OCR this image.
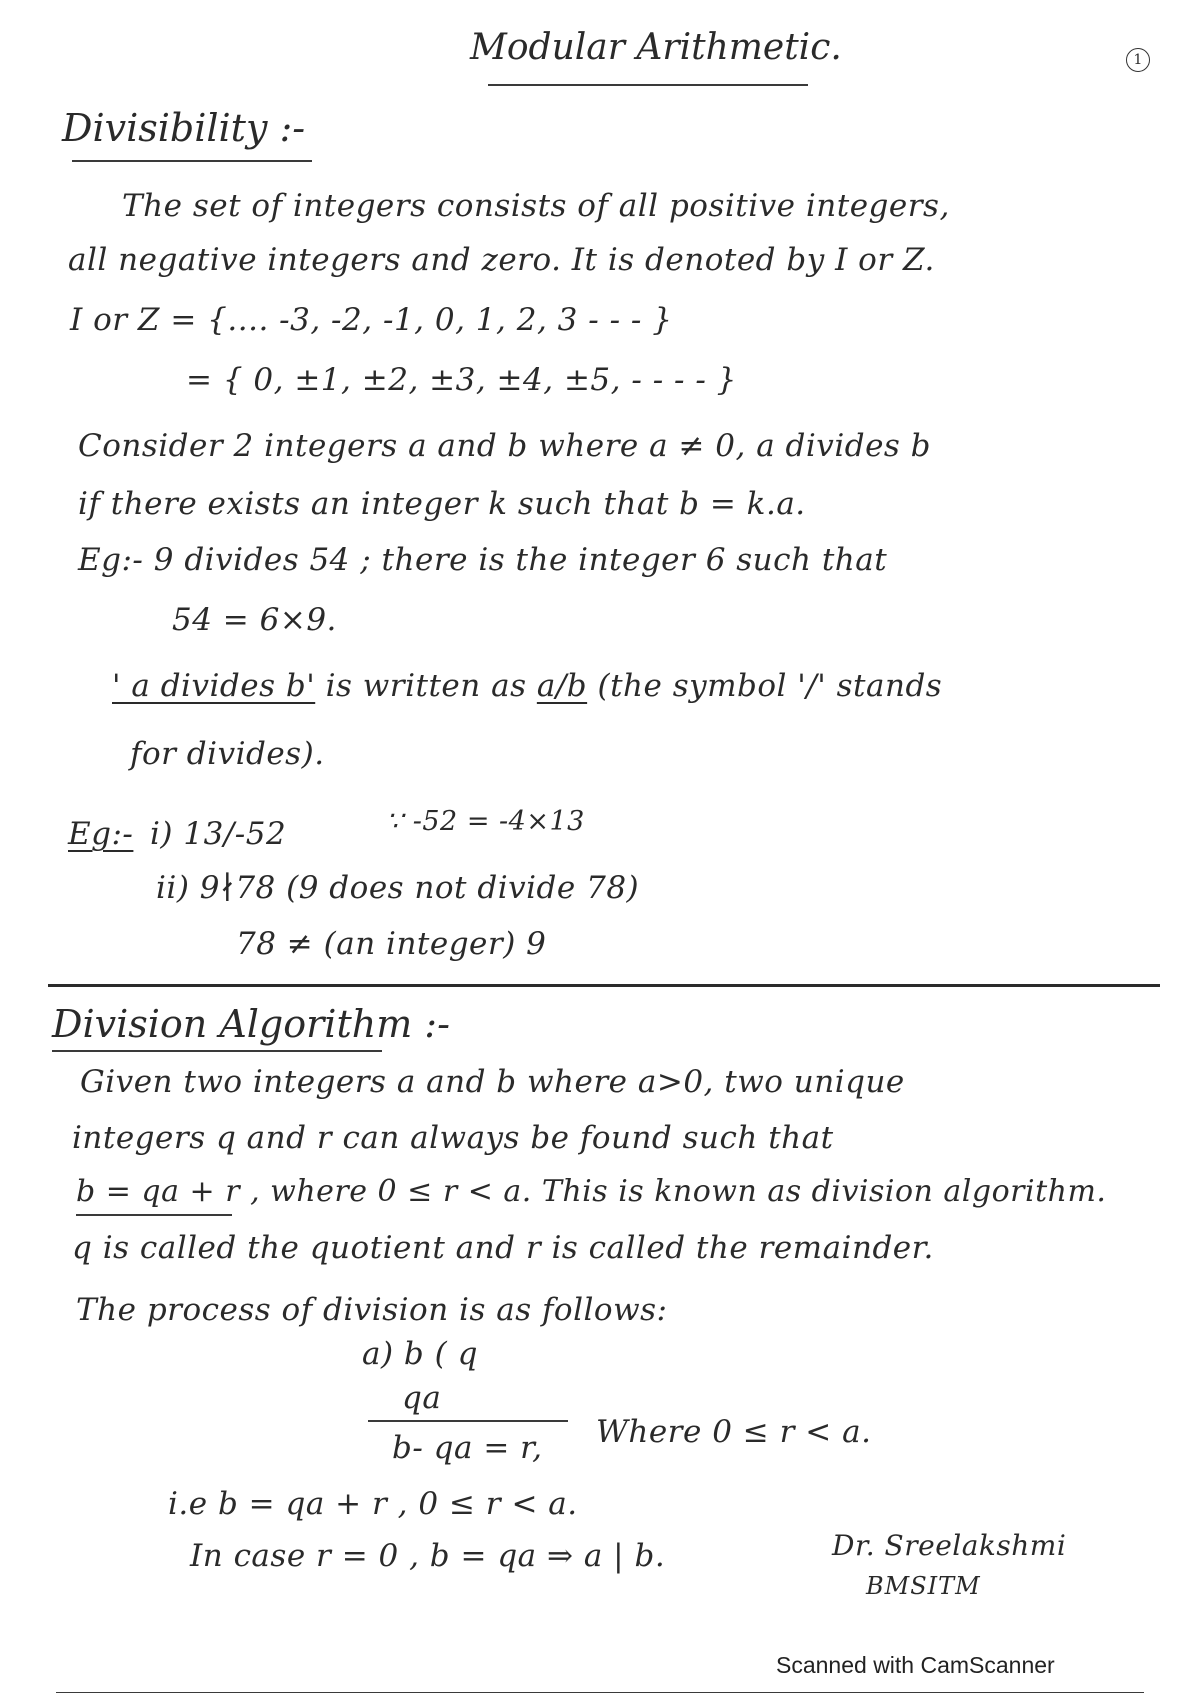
Modular Arithmetic.	1
Divisibility :-
The set of integers consists of all positive integers,
all negative integers and zero. It is denoted by I or Z.
I or Z = {.... -3, -2, -1, 0, 1, 2, 3 - - - }
= { 0, ±1, ±2, ±3, ±4, ±5, - - - - }
Consider 2 integers a and b where a ≠ 0, a divides b
if there exists an integer k such that b = k.a.
Eg:- 9 divides 54 ; there is the integer 6 such that
54 = 6×9.
' a divides b' is written as a/b (the symbol '/' stands
for divides).
Eg:- i) 13/-52	∵ -52 = -4×13
ii) 9∤78 (9 does not divide 78)
78 ≠ (an integer) 9
Division Algorithm :-
Given two integers a and b where a>0, two unique
integers q and r can always be found such that
b = qa + r , where 0 ≤ r < a. This is known as division algorithm.
q is called the quotient and r is called the remainder.
The process of division is as follows:
a) b ( q
qa
b- qa = r, Where 0 ≤ r < a.
i.e b = qa + r , 0 ≤ r < a.
In case r = 0 , b = qa ⇒ a | b.	Dr. Sreelakshmi
BMSITM
Scanned with CamScanner
